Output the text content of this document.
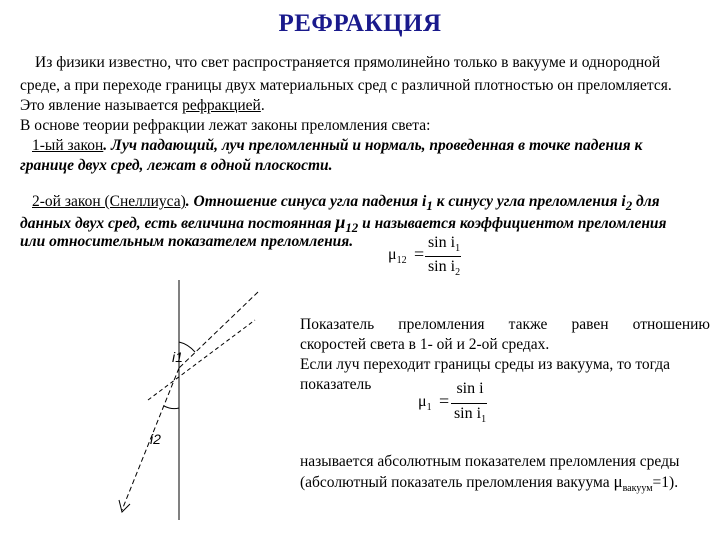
РЕФРАКЦИЯ
Из физики известно, что свет распространяется прямолинейно только в вакууме и однородной
среде, а при переходе границы двух материальных сред с различной плотностью он преломляется.
Это явление называется рефракцией.
В основе теории рефракции лежат законы преломления света:
1-ый закон. Луч падающий, луч преломленный и нормаль, проведенная в точке падения к
границе двух сред, лежат в одной плоскости.
2-ой закон (Снеллиуса). Отношение синуса угла падения $i_1$ к синусу угла преломления $i_2$ для
данных двух сред, есть величина постоянная $\mu_{12}$ и называется коэффициентом преломления
или относительным показателем преломления.
$\mu_{12}$ =
$\sin i_1$
$\sin i_2$
i1
i2
Показатель преломления также равен отношению
скоростей света в 1- ой и 2-ой средах.
Если луч переходит границы среды из вакуума, то тогда
показатель
$\mu_1$ =
sin i
$\sin i_1$
называется абсолютным показателем преломления среды
(абсолютный показатель преломления вакуума $\mu_{вакуум}=1$).
